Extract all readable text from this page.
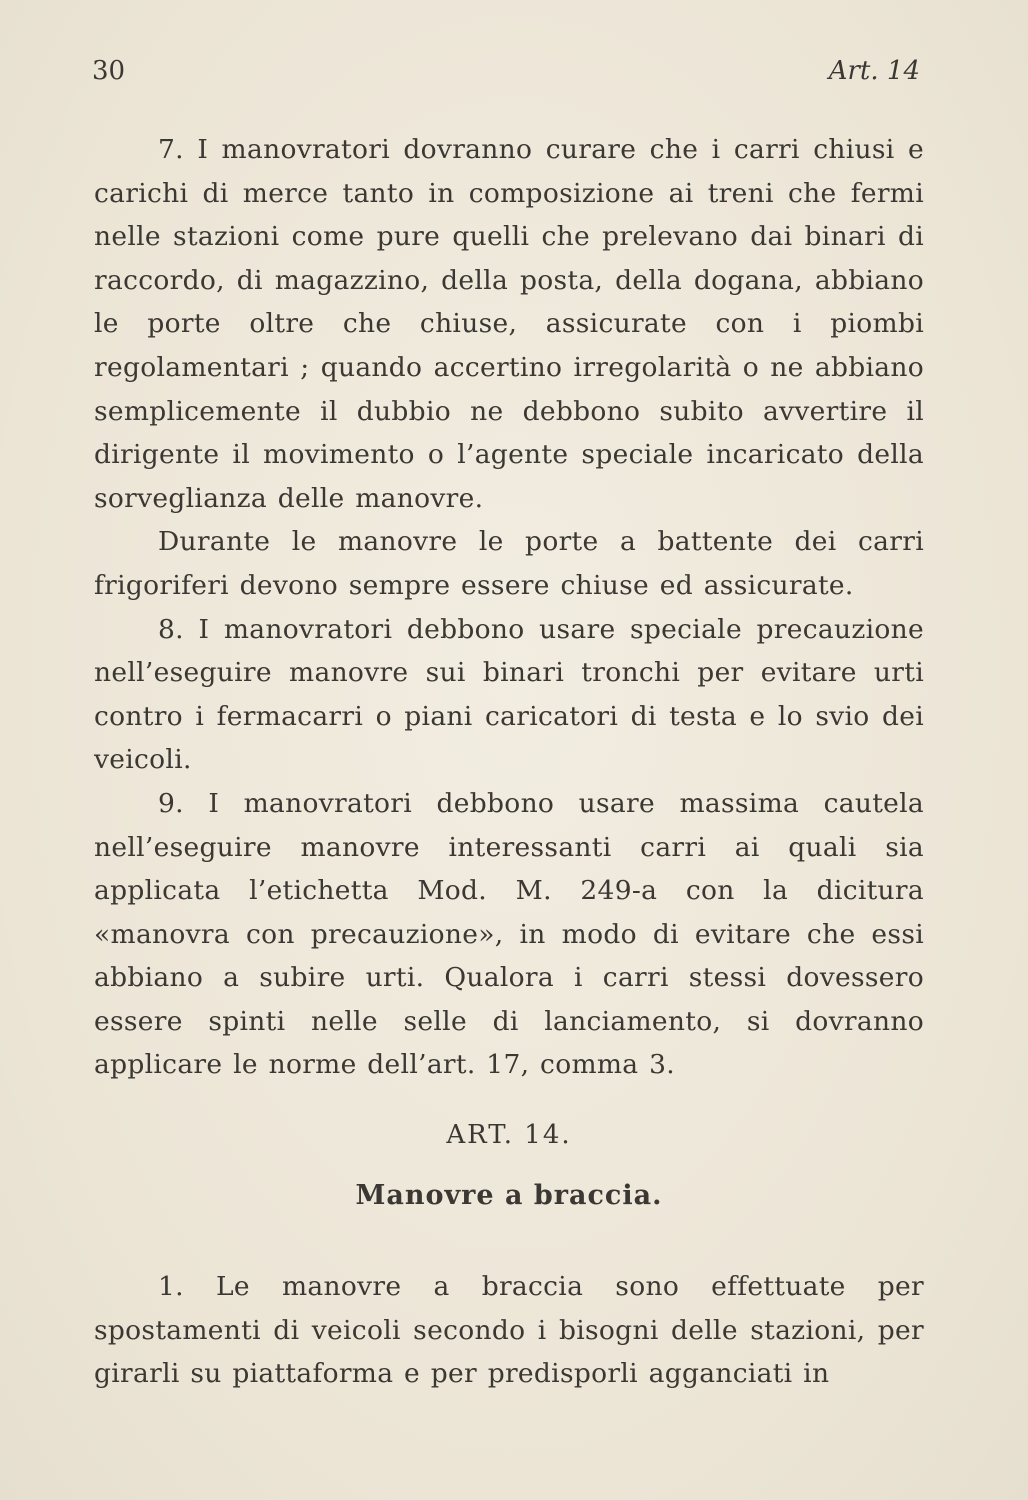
30	Art. 14

7. I manovratori dovranno curare che i carri chiusi e carichi di merce tanto in composizione ai treni che fermi nelle stazioni come pure quelli che prelevano dai binari di raccordo, di magazzino, della posta, della dogana, abbiano le porte oltre che chiuse, assicurate con i piombi regolamentari ; quando accertino irregolarità o ne abbiano semplicemente il dubbio ne debbono subito avvertire il dirigente il movimento o l’agente speciale incaricato della sorveglianza delle manovre.

Durante le manovre le porte a battente dei carri frigoriferi devono sempre essere chiuse ed assicurate.

8. I manovratori debbono usare speciale precauzione nell’eseguire manovre sui binari tronchi per evitare urti contro i fermacarri o piani caricatori di testa e lo svio dei veicoli.

9. I manovratori debbono usare massima cautela nell’eseguire manovre interessanti carri ai quali sia applicata l’etichetta Mod. M. 249-a con la dicitura «manovra con precauzione», in modo di evitare che essi abbiano a subire urti. Qualora i carri stessi dovessero essere spinti nelle selle di lanciamento, si dovranno applicare le norme dell’art. 17, comma 3.

ART. 14.
Manovre a braccia.

1. Le manovre a braccia sono effettuate per spostamenti di veicoli secondo i bisogni delle stazioni, per girarli su piattaforma e per predisporli agganciati in
